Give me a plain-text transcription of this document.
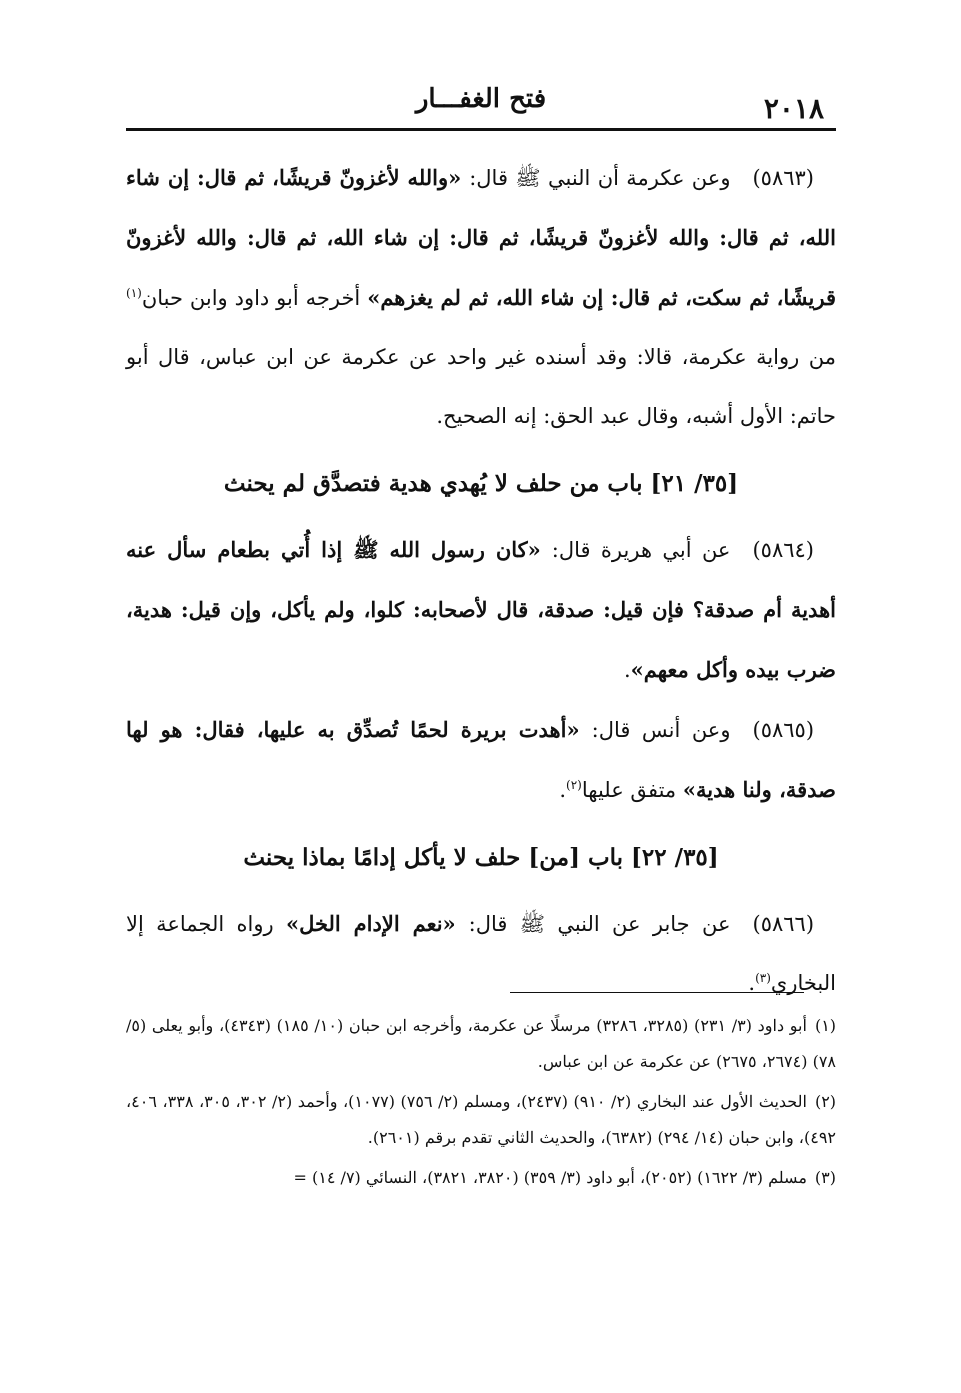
فتح الغفـــار	٢٠١٨

(٥٨٦٣)وعن عكرمة أن النبي ﷺ قال: «والله لأغزونّ قريشًا، ثم قال: إن شاء الله، ثم قال: والله لأغزونّ قريشًا، ثم قال: إن شاء الله، ثم قال: والله لأغزونّ قريشًا، ثم سكت، ثم قال: إن شاء الله، ثم لم يغزهم» أخرجه أبو داود وابن حبان$^{(١)}$ من رواية عكرمة، قالا: وقد أسنده غير واحد عن عكرمة عن ابن عباس، قال أبو حاتم: الأول أشبه، وقال عبد الحق: إنه الصحيح.

[٣٥/ ٢١] باب من حلف لا يُهدي هدية فتصدَّق لم يحنث

(٥٨٦٤)عن أبي هريرة قال: «كان رسول الله ﷺ إذا أُتي بطعام سأل عنه أهدية أم صدقة؟ فإن قيل: صدقة، قال لأصحابه: كلوا، ولم يأكل، وإن قيل: هدية، ضرب بيده وأكل معهم».

(٥٨٦٥)وعن أنس قال: «أهدت بريرة لحمًا تُصدِّق به عليها، فقال: هو لها صدقة، ولنا هدية» متفق عليها$^{(٢)}$.

[٣٥/ ٢٢] باب [من] حلف لا يأكل إدامًا بماذا يحنث

(٥٨٦٦)عن جابر عن النبي ﷺ قال: «نعم الإدام الخل» رواه الجماعة إلا البخاري$^{(٣)}$.

(١)أبو داود (٣/ ٢٣١) (٣٢٨٥، ٣٢٨٦) مرسلًا عن عكرمة، وأخرجه ابن حبان (١٠/ ١٨٥) (٤٣٤٣)، وأبو يعلى (٥/ ٧٨) (٢٦٧٤، ٢٦٧٥) عن عكرمة عن ابن عباس.

(٢)الحديث الأول عند البخاري (٢/ ٩١٠) (٢٤٣٧)، ومسلم (٢/ ٧٥٦) (١٠٧٧)، وأحمد (٢/ ٣٠٢، ٣٠٥، ٣٣٨، ٤٠٦، ٤٩٢)، وابن حبان (١٤/ ٢٩٤) (٦٣٨٢)، والحديث الثاني تقدم برقم (٢٦٠١).

(٣)مسلم (٣/ ١٦٢٢) (٢٠٥٢)، أبو داود (٣/ ٣٥٩) (٣٨٢٠، ٣٨٢١)، النسائي (٧/ ١٤) =
